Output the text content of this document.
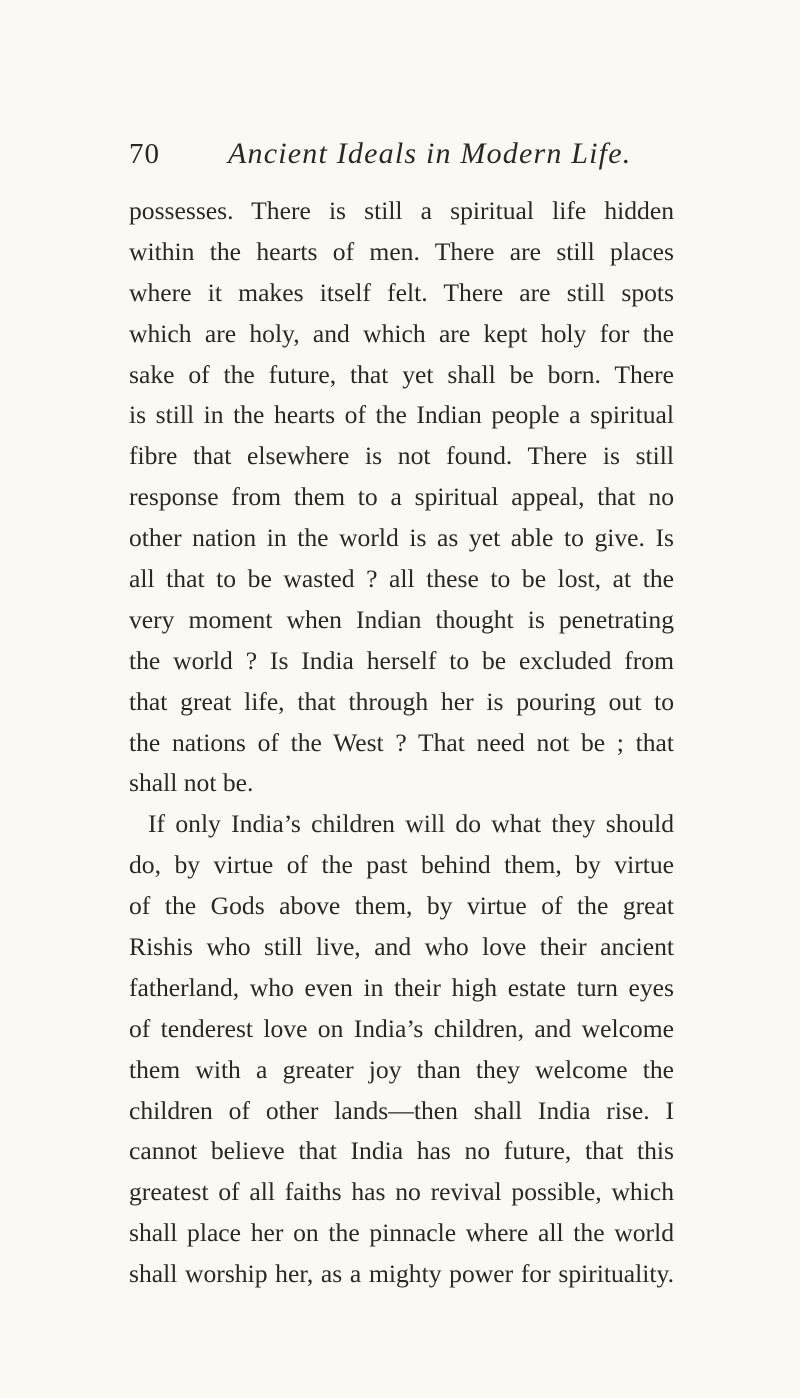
70 Ancient Ideals in Modern Life.
possesses. There is still a spiritual life hidden
within the hearts of men. There are still places
where it makes itself felt. There are still spots
which are holy, and which are kept holy for the
sake of the future, that yet shall be born. There
is still in the hearts of the Indian people a spiritual
fibre that elsewhere is not found. There is still
response from them to a spiritual appeal, that no
other nation in the world is as yet able to give. Is
all that to be wasted ? all these to be lost, at the
very moment when Indian thought is penetrating
the world ? Is India herself to be excluded from
that great life, that through her is pouring out to
the nations of the West ? That need not be ; that
shall not be.
If only India’s children will do what they should
do, by virtue of the past behind them, by virtue
of the Gods above them, by virtue of the great
Rishis who still live, and who love their ancient
fatherland, who even in their high estate turn eyes
of tenderest love on India’s children, and welcome
them with a greater joy than they welcome the
children of other lands—then shall India rise. I
cannot believe that India has no future, that this
greatest of all faiths has no revival possible, which
shall place her on the pinnacle where all the world
shall worship her, as a mighty power for spirituality.
